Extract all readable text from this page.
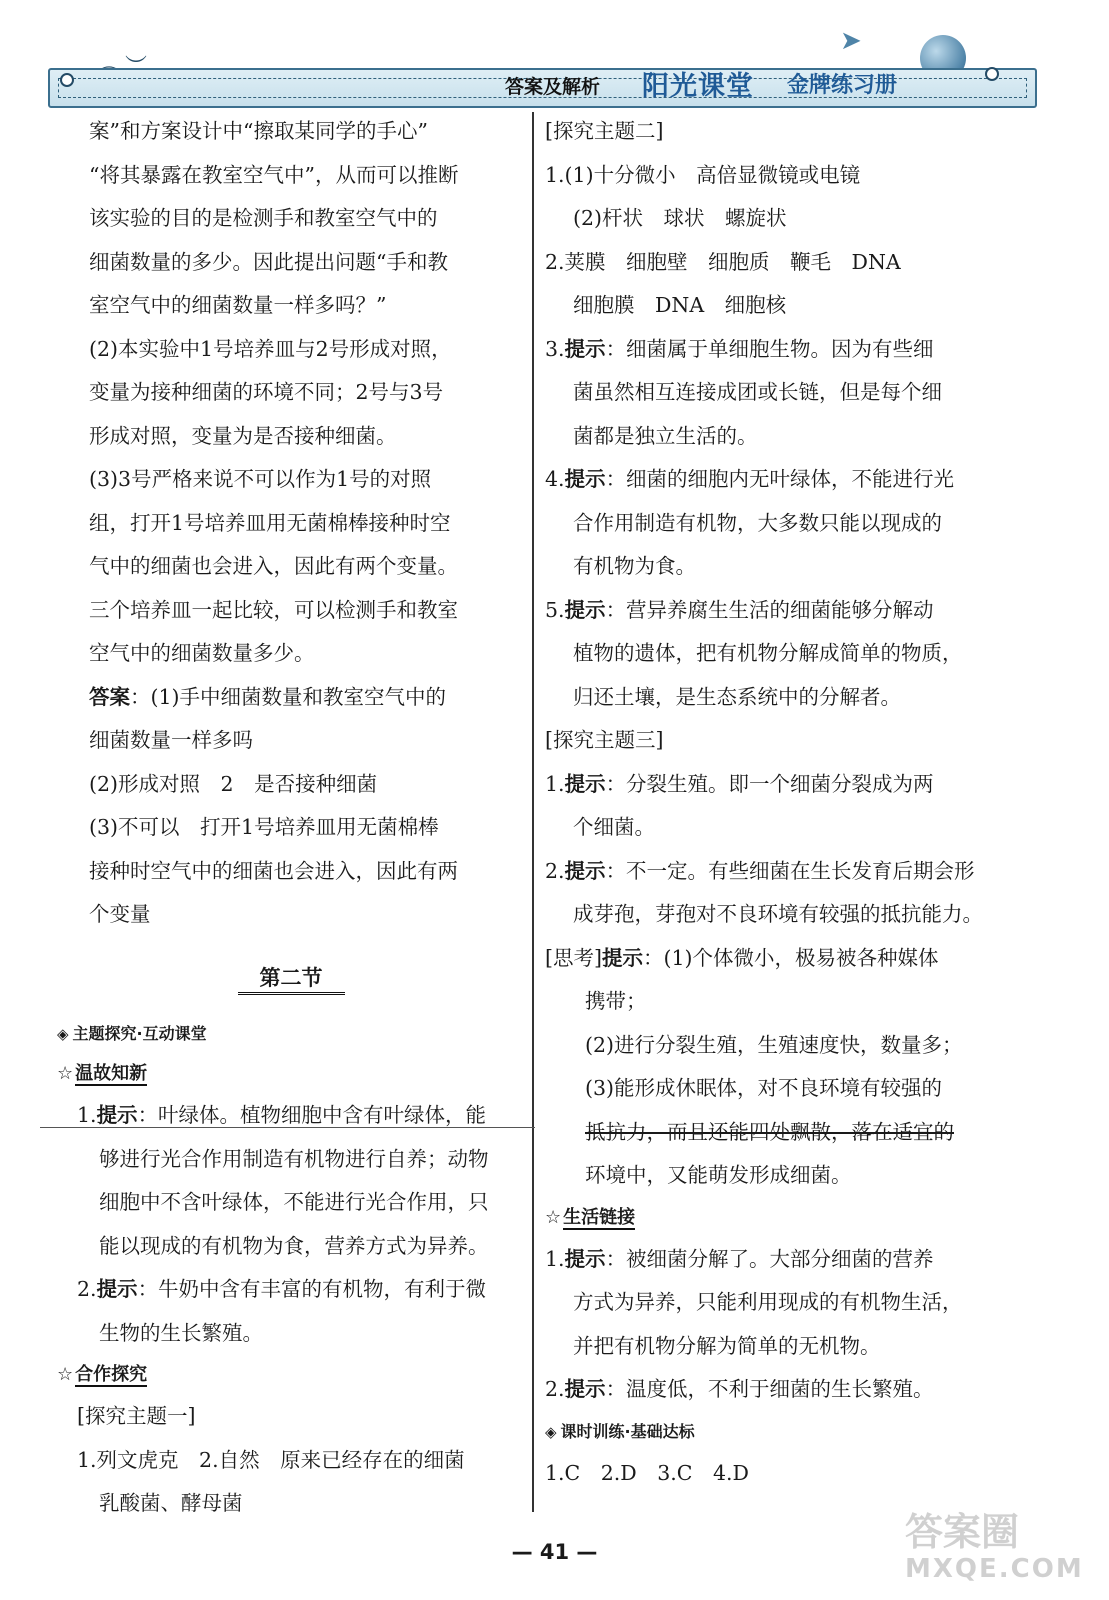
➤
答案及解析 阳光课堂 金牌练习册
案”和方案设计中“擦取某同学的手心”
“将其暴露在教室空气中”，从而可以推断
该实验的目的是检测手和教室空气中的
细菌数量的多少。因此提出问题“手和教
室空气中的细菌数量一样多吗？”
(2)本实验中1号培养皿与2号形成对照，
变量为接种细菌的环境不同；2号与3号
形成对照，变量为是否接种细菌。
(3)3号严格来说不可以作为1号的对照
组，打开1号培养皿用无菌棉棒接种时空
气中的细菌也会进入，因此有两个变量。
三个培养皿一起比较，可以检测手和教室
空气中的细菌数量多少。
答案：(1)手中细菌数量和教室空气中的
细菌数量一样多吗
(2)形成对照　2　是否接种细菌
(3)不可以　打开1号培养皿用无菌棉棒
接种时空气中的细菌也会进入，因此有两
个变量
第二节
◈ 主题探究·互动课堂
☆ 温故知新
1.提示：叶绿体。植物细胞中含有叶绿体，能
够进行光合作用制造有机物进行自养；动物
细胞中不含叶绿体，不能进行光合作用，只
能以现成的有机物为食，营养方式为异养。
2.提示：牛奶中含有丰富的有机物，有利于微
生物的生长繁殖。
☆ 合作探究
[探究主题一]
1.列文虎克　2.自然　原来已经存在的细菌
乳酸菌、酵母菌
[探究主题二]
1.(1)十分微小　高倍显微镜或电镜
(2)杆状　球状　螺旋状
2.荚膜　细胞壁　细胞质　鞭毛　DNA
细胞膜　DNA　细胞核
3.提示：细菌属于单细胞生物。因为有些细
菌虽然相互连接成团或长链，但是每个细
菌都是独立生活的。
4.提示：细菌的细胞内无叶绿体，不能进行光
合作用制造有机物，大多数只能以现成的
有机物为食。
5.提示：营异养腐生生活的细菌能够分解动
植物的遗体，把有机物分解成简单的物质，
归还土壤，是生态系统中的分解者。
[探究主题三]
1.提示：分裂生殖。即一个细菌分裂成为两
个细菌。
2.提示：不一定。有些细菌在生长发育后期会形
成芽孢，芽孢对不良环境有较强的抵抗能力。
[思考]提示：(1)个体微小，极易被各种媒体
携带；
(2)进行分裂生殖，生殖速度快，数量多；
(3)能形成休眠体，对不良环境有较强的
抵抗力，而且还能四处飘散，落在适宜的
环境中，又能萌发形成细菌。
☆ 生活链接
1.提示：被细菌分解了。大部分细菌的营养
方式为异养，只能利用现成的有机物生活，
并把有机物分解为简单的无机物。
2.提示：温度低，不利于细菌的生长繁殖。
◈ 课时训练·基础达标
1.C　2.D　3.C　4.D
— 41 —	答案圈
MXQE.COM
